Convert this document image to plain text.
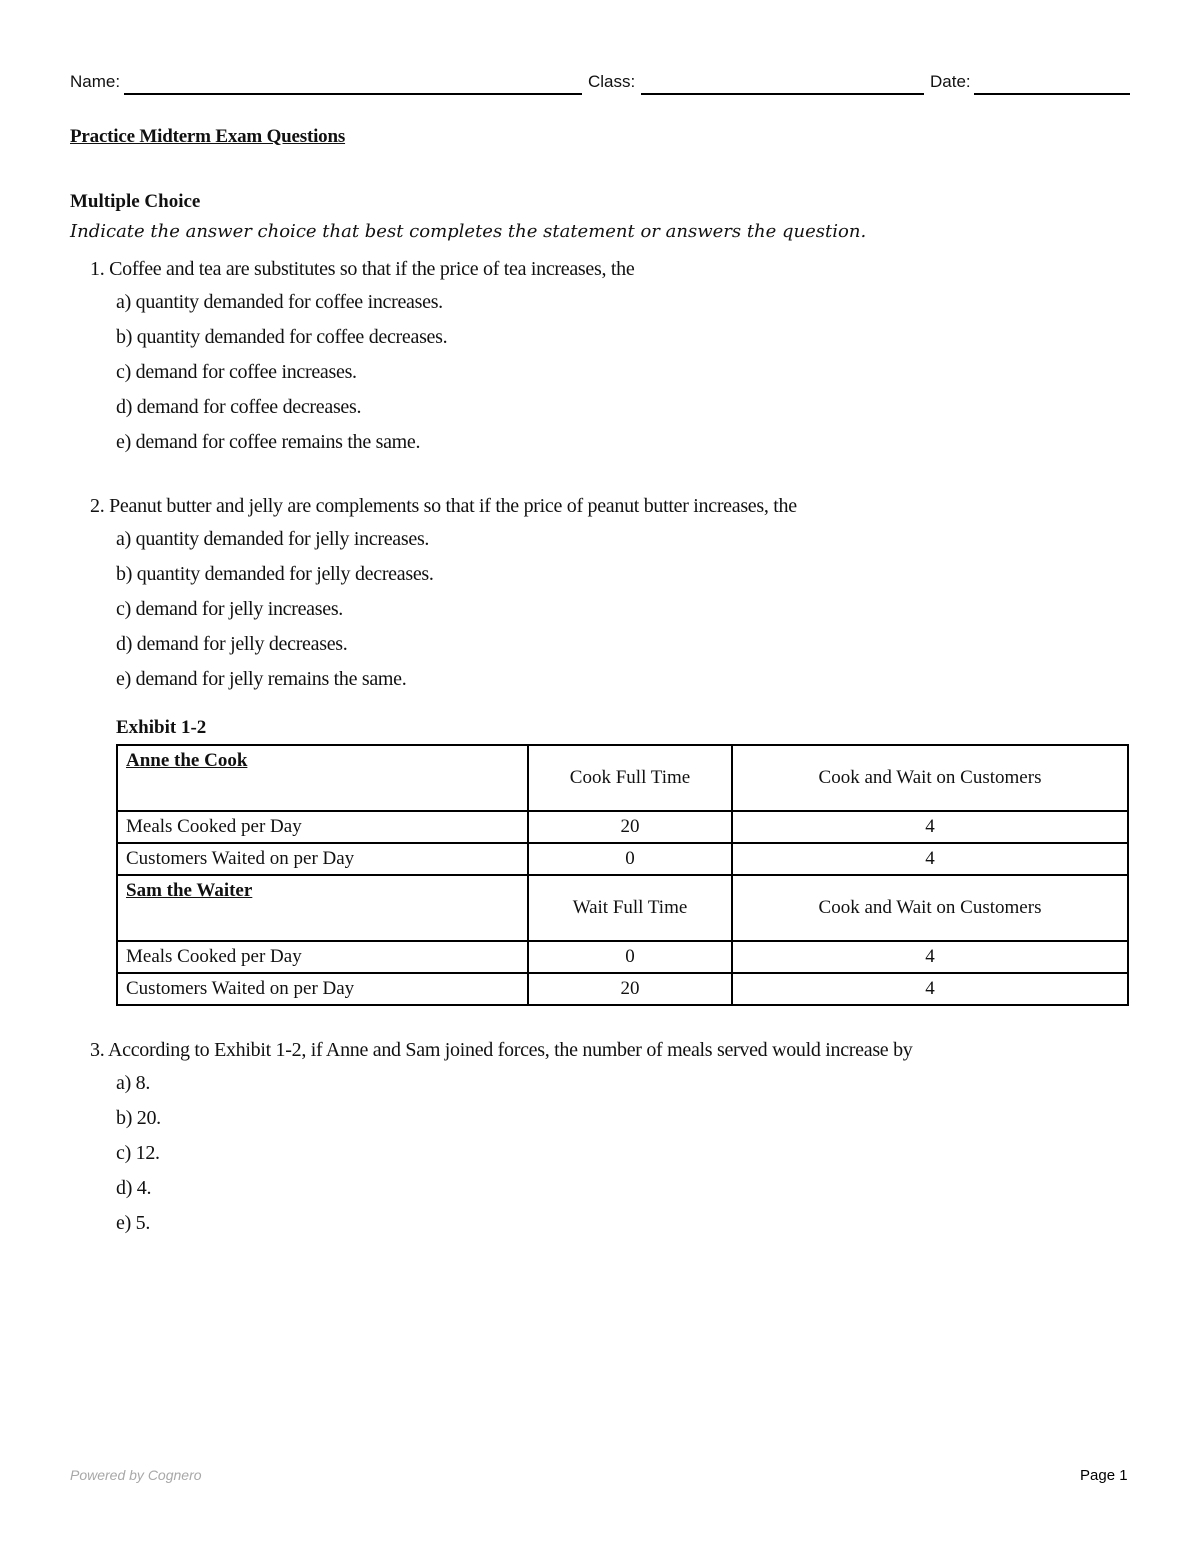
Name:	Class:	Date:
Practice Midterm Exam Questions
Multiple Choice
Indicate the answer choice that best completes the statement or answers the question.
1. Coffee and tea are substitutes so that if the price of tea increases, the
a) quantity demanded for coffee increases.
b) quantity demanded for coffee decreases.
c) demand for coffee increases.
d) demand for coffee decreases.
e) demand for coffee remains the same.
2. Peanut butter and jelly are complements so that if the price of peanut butter increases, the
a) quantity demanded for jelly increases.
b) quantity demanded for jelly decreases.
c) demand for jelly increases.
d) demand for jelly decreases.
e) demand for jelly remains the same.
Exhibit 1-2
Anne the Cook	Cook Full Time	Cook and Wait on Customers
Meals Cooked per Day	20	4
Customers Waited on per Day	0	4
Sam the Waiter	Wait Full Time	Cook and Wait on Customers
Meals Cooked per Day	0	4
Customers Waited on per Day	20	4
3. According to Exhibit 1-2, if Anne and Sam joined forces, the number of meals served would increase by
a) 8.
b) 20.
c) 12.
d) 4.
e) 5.
Powered by Cognero	Page 1
